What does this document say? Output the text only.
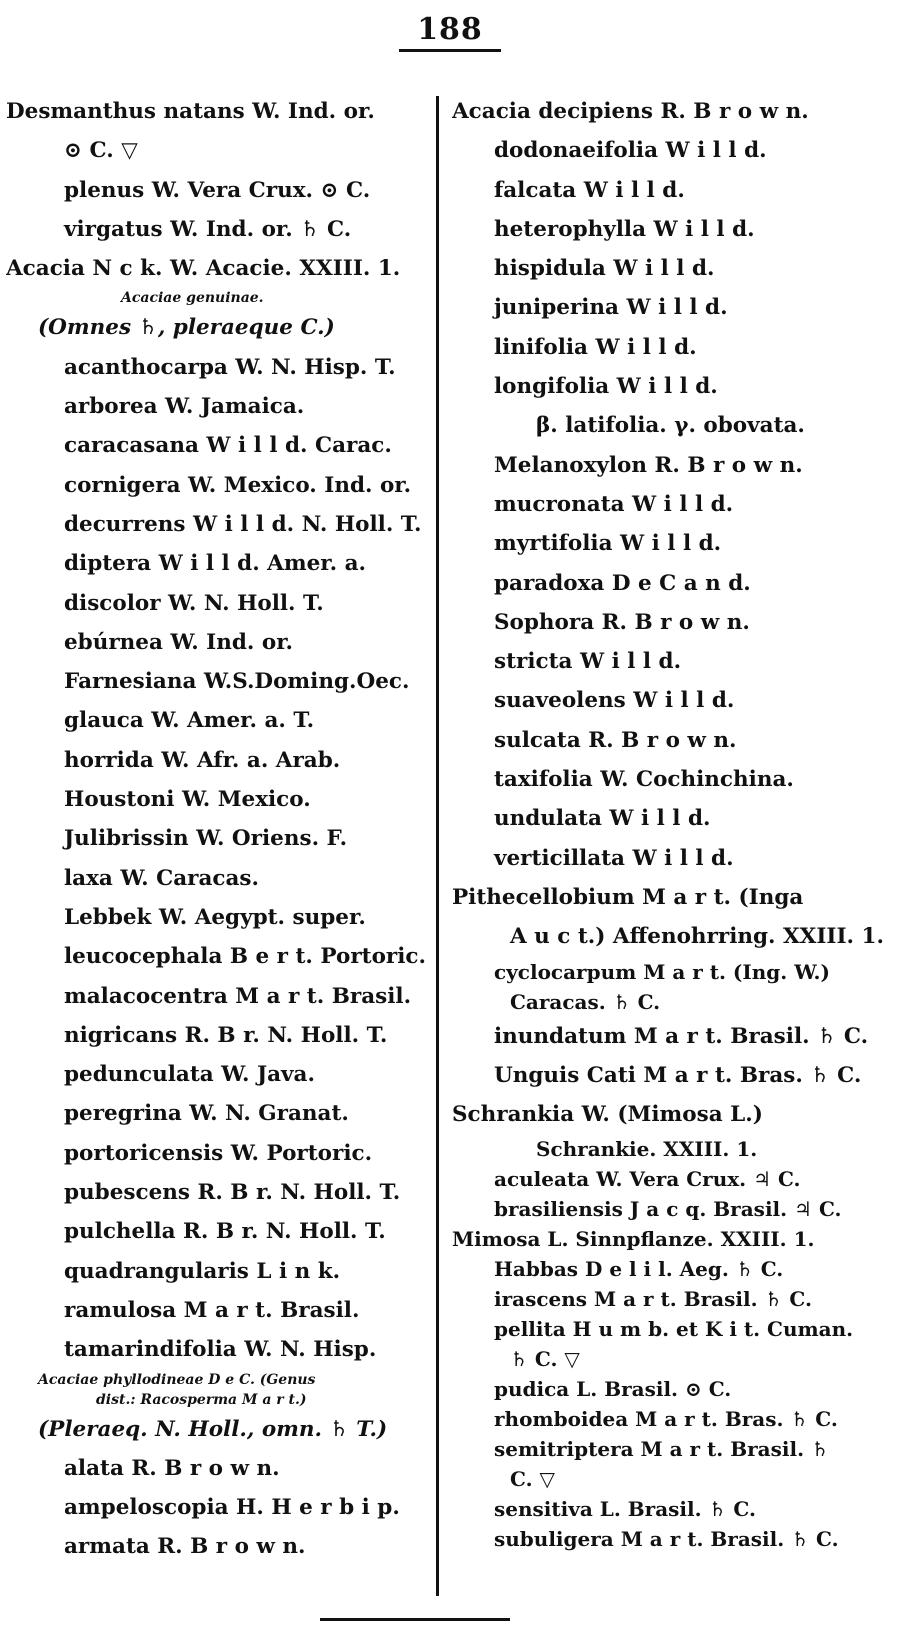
188
Desmanthus natans W. Ind. or.
⊙ C. ▽
plenus W. Vera Crux. ⊙ C.
virgatus W. Ind. or. ♄ C.
Acacia N c k. W. Acacie. XXIII. 1.
Acaciae genuinae.
(Omnes ♄, pleraeque C.)
acanthocarpa W. N. Hisp. T.
arborea W. Jamaica.
caracasana W i l l d. Carac.
cornigera W. Mexico. Ind. or.
decurrens W i l l d. N. Holl. T.
diptera W i l l d. Amer. a.
discolor W. N. Holl. T.
ebúrnea W. Ind. or.
Farnesiana W.S.Doming.Oec.
glauca W. Amer. a. T.
horrida W. Afr. a. Arab.
Houstoni W. Mexico.
Julibrissin W. Oriens. F.
laxa W. Caracas.
Lebbek W. Aegypt. super.
leucocephala B e r t. Portoric.
malacocentra M a r t. Brasil.
nigricans R. B r. N. Holl. T.
pedunculata W. Java.
peregrina W. N. Granat.
portoricensis W. Portoric.
pubescens R. B r. N. Holl. T.
pulchella R. B r. N. Holl. T.
quadrangularis L i n k.
ramulosa M a r t. Brasil.
tamarindifolia W. N. Hisp.
Acaciae phyllodineae D e C. (Genus
dist.: Racosperma M a r t.)
(Pleraeq. N. Holl., omn. ♄ T.)
alata R. B r o w n.
ampeloscopia H. H e r b i p.
armata R. B r o w n.
Acacia decipiens R. B r o w n.
dodonaeifolia W i l l d.
falcata W i l l d.
heterophylla W i l l d.
hispidula W i l l d.
juniperina W i l l d.
linifolia W i l l d.
longifolia W i l l d.
β. latifolia. γ. obovata.
Melanoxylon R. B r o w n.
mucronata W i l l d.
myrtifolia W i l l d.
paradoxa D e C a n d.
Sophora R. B r o w n.
stricta W i l l d.
suaveolens W i l l d.
sulcata R. B r o w n.
taxifolia W. Cochinchina.
undulata W i l l d.
verticillata W i l l d.
Pithecellobium M a r t. (Inga
A u c t.) Affenohrring. XXIII. 1.
cyclocarpum M a r t. (Ing. W.)
Caracas. ♄ C.
inundatum M a r t. Brasil. ♄ C.
Unguis Cati M a r t. Bras. ♄ C.
Schrankia W. (Mimosa L.)
Schrankie. XXIII. 1.
aculeata W. Vera Crux. ♃ C.
brasiliensis J a c q. Brasil. ♃ C.
Mimosa L. Sinnpflanze. XXIII. 1.
Habbas D e l i l. Aeg. ♄ C.
irascens M a r t. Brasil. ♄ C.
pellita H u m b. et K i t. Cuman.
♄ C. ▽
pudica L. Brasil. ⊙ C.
rhomboidea M a r t. Bras. ♄ C.
semitriptera M a r t. Brasil. ♄
C. ▽
sensitiva L. Brasil. ♄ C.
subuligera M a r t. Brasil. ♄ C.
